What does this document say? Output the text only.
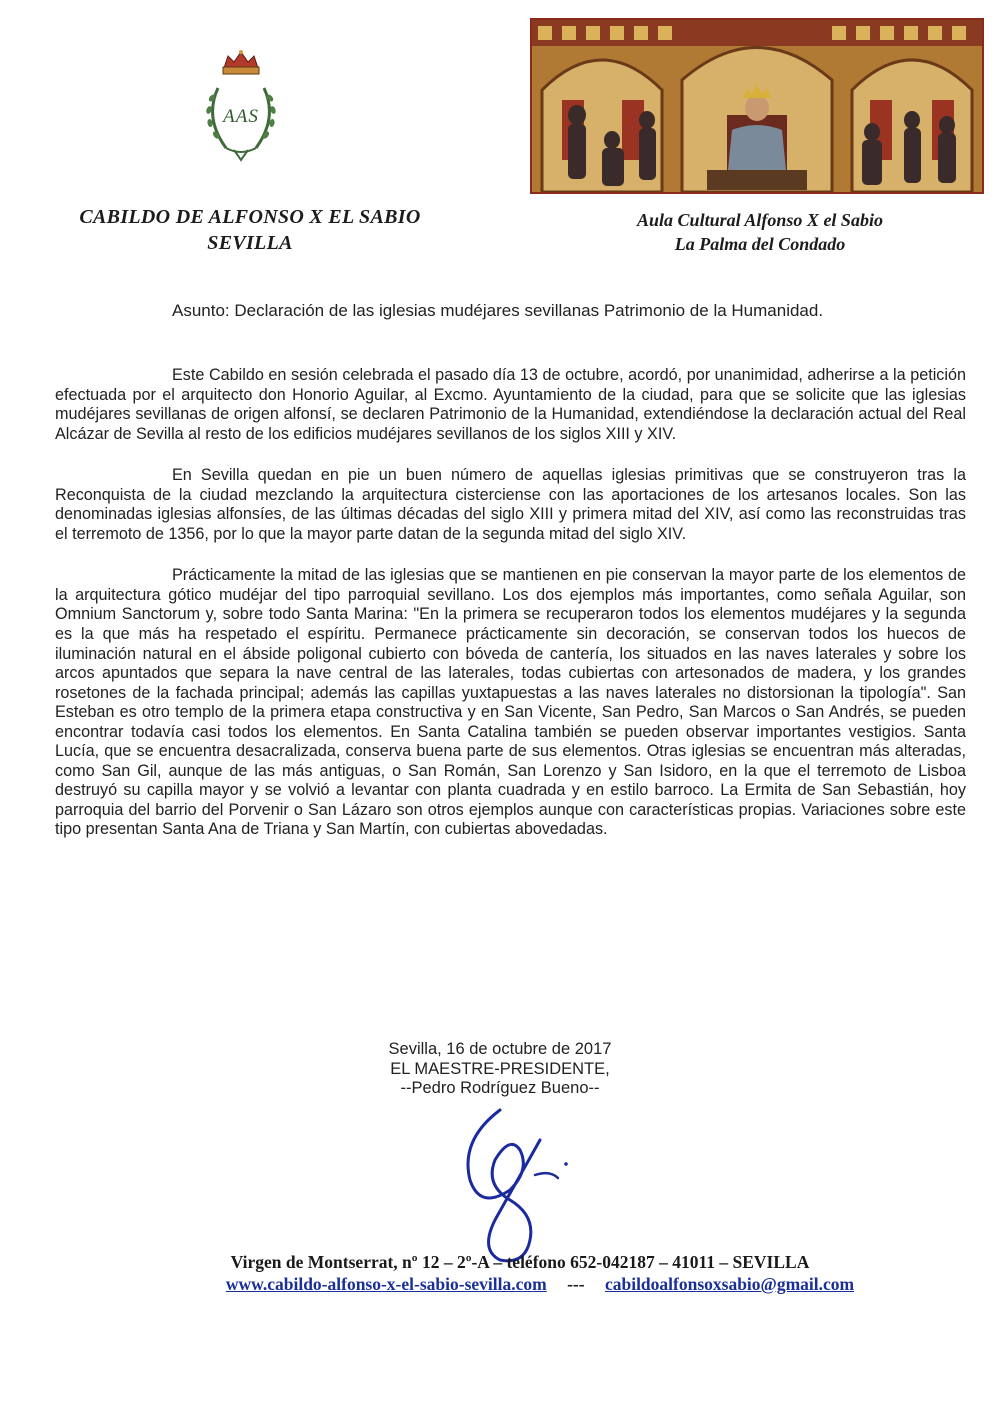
AAS
CABILDO DE ALFONSO X EL SABIO
SEVILLA
Aula Cultural Alfonso X el Sabio
La Palma del Condado
Asunto: Declaración de las iglesias mudéjares sevillanas Patrimonio de la Humanidad.

Este Cabildo en sesión celebrada el pasado día 13 de octubre, acordó, por unanimidad, adherirse a la petición efectuada por el arquitecto don Honorio Aguilar, al Excmo. Ayuntamiento de la ciudad, para que se solicite que las iglesias mudéjares sevillanas de origen alfonsí, se declaren Patrimonio de la Humanidad, extendiéndose la declaración actual del Real Alcázar de Sevilla al resto de los edificios mudéjares sevillanos de los siglos XIII y XIV.

En Sevilla quedan en pie un buen número de aquellas iglesias primitivas que se construyeron tras la Reconquista de la ciudad mezclando la arquitectura cisterciense con las aportaciones de los artesanos locales. Son las denominadas iglesias alfonsíes, de las últimas décadas del siglo XIII y primera mitad del XIV, así como las reconstruidas tras el terremoto de 1356, por lo que la mayor parte datan de la segunda mitad del siglo XIV.

Prácticamente la mitad de las iglesias que se mantienen en pie conservan la mayor parte de los elementos de la arquitectura gótico mudéjar del tipo parroquial sevillano. Los dos ejemplos más importantes, como señala Aguilar, son Omnium Sanctorum y, sobre todo Santa Marina: "En la primera se recuperaron todos los elementos mudéjares y la segunda es la que más ha respetado el espíritu. Permanece prácticamente sin decoración, se conservan todos los huecos de iluminación natural en el ábside poligonal cubierto con bóveda de cantería, los situados en las naves laterales y sobre los arcos apuntados que separa la nave central de las laterales, todas cubiertas con artesonados de madera, y los grandes rosetones de la fachada principal; además las capillas yuxtapuestas a las naves laterales no distorsionan la tipología". San Esteban es otro templo de la primera etapa constructiva y en San Vicente, San Pedro, San Marcos o San Andrés, se pueden encontrar todavía casi todos los elementos. En Santa Catalina también se pueden observar importantes vestigios. Santa Lucía, que se encuentra desacralizada, conserva buena parte de sus elementos. Otras iglesias se encuentran más alteradas, como San Gil, aunque de las más antiguas, o San Román, San Lorenzo y San Isidoro, en la que el terremoto de Lisboa destruyó su capilla mayor y se volvió a levantar con planta cuadrada y en estilo barroco. La Ermita de San Sebastián, hoy parroquia del barrio del Porvenir o San Lázaro son otros ejemplos aunque con características propias. Variaciones sobre este tipo presentan Santa Ana de Triana y San Martín, con cubiertas abovedadas.

Sevilla, 16 de octubre de 2017
EL MAESTRE-PRESIDENTE,
--Pedro Rodríguez Bueno--
Virgen de Montserrat, nº 12 – 2º-A – teléfono 652-042187 – 41011 – SEVILLA
www.cabildo-alfonso-x-el-sabio-sevilla.com --- cabildoalfonsoxsabio@gmail.com
